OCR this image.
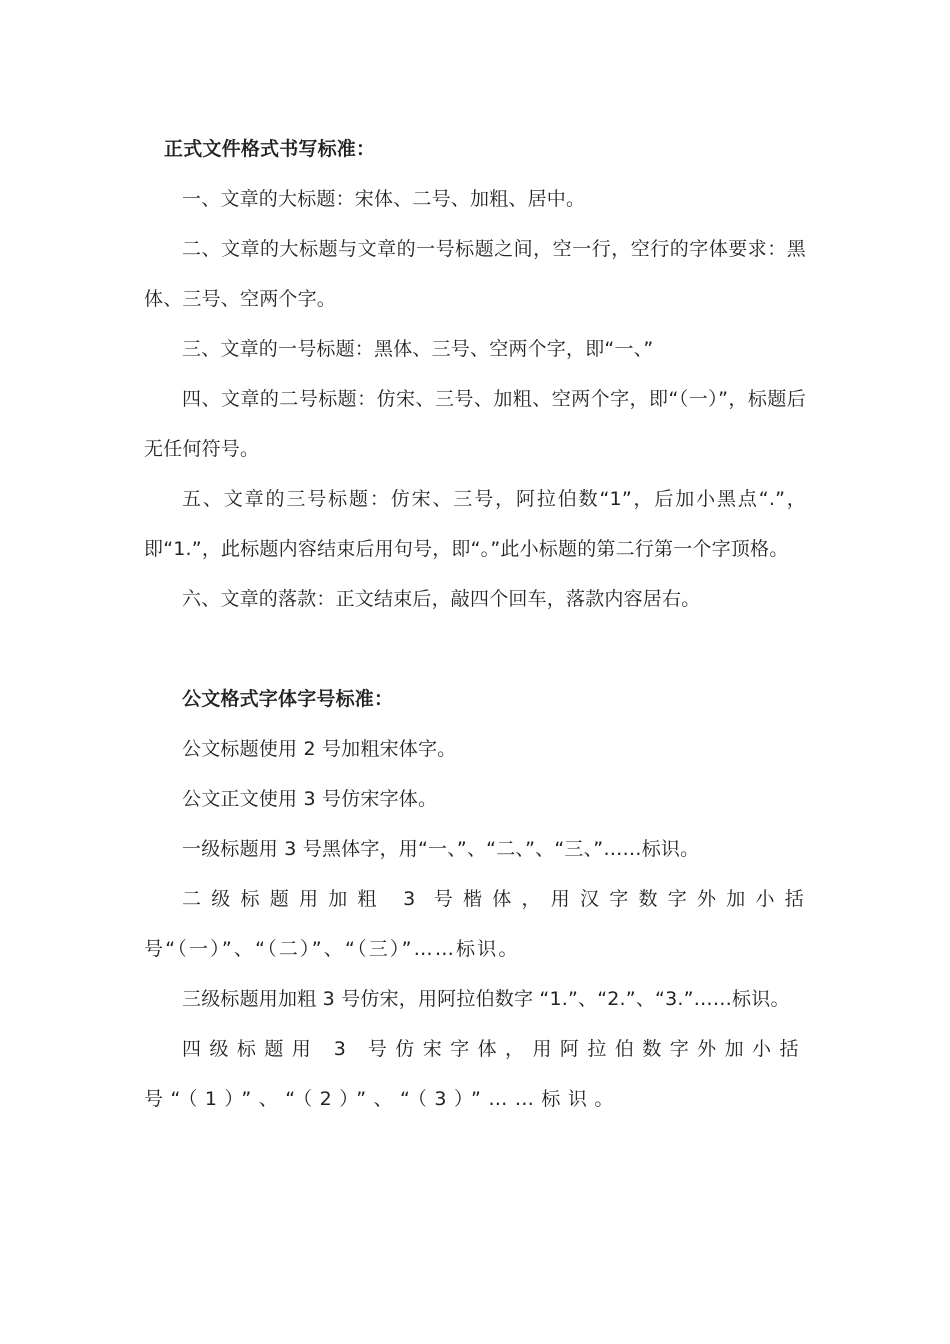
正式文件格式书写标准：

一、文章的大标题：宋体、二号、加粗、居中。

二、文章的大标题与文章的一号标题之间，空一行，空行的字体要求：黑体、三号、空两个字。

三、文章的一号标题：黑体、三号、空两个字，即“一、”

四、文章的二号标题：仿宋、三号、加粗、空两个字，即“（一）”，标题后无任何符号。

五、文章的三号标题：仿宋、三号，阿拉伯数“1”，后加小黑点“.”，即“1.”，此标题内容结束后用句号，即“。”此小标题的第二行第一个字顶格。

六、文章的落款：正文结束后，敲四个回车，落款内容居右。

公文格式字体字号标准：

公文标题使用 2 号加粗宋体字。

公文正文使用 3 号仿宋字体。

一级标题用 3 号黑体字，用“一、”、“二、”、“三、”……标识。

二级标题用加粗 3 号楷体，用汉字数字外加小括号“（一）”、“（二）”、“（三）”……标识。

三级标题用加粗 3 号仿宋，用阿拉伯数字 “1.”、“2.”、“3.”……标识。

四级标题用 3 号仿宋字体，用阿拉伯数字外加小括号“（1）”、“（2）”、“（3）”……标识。
